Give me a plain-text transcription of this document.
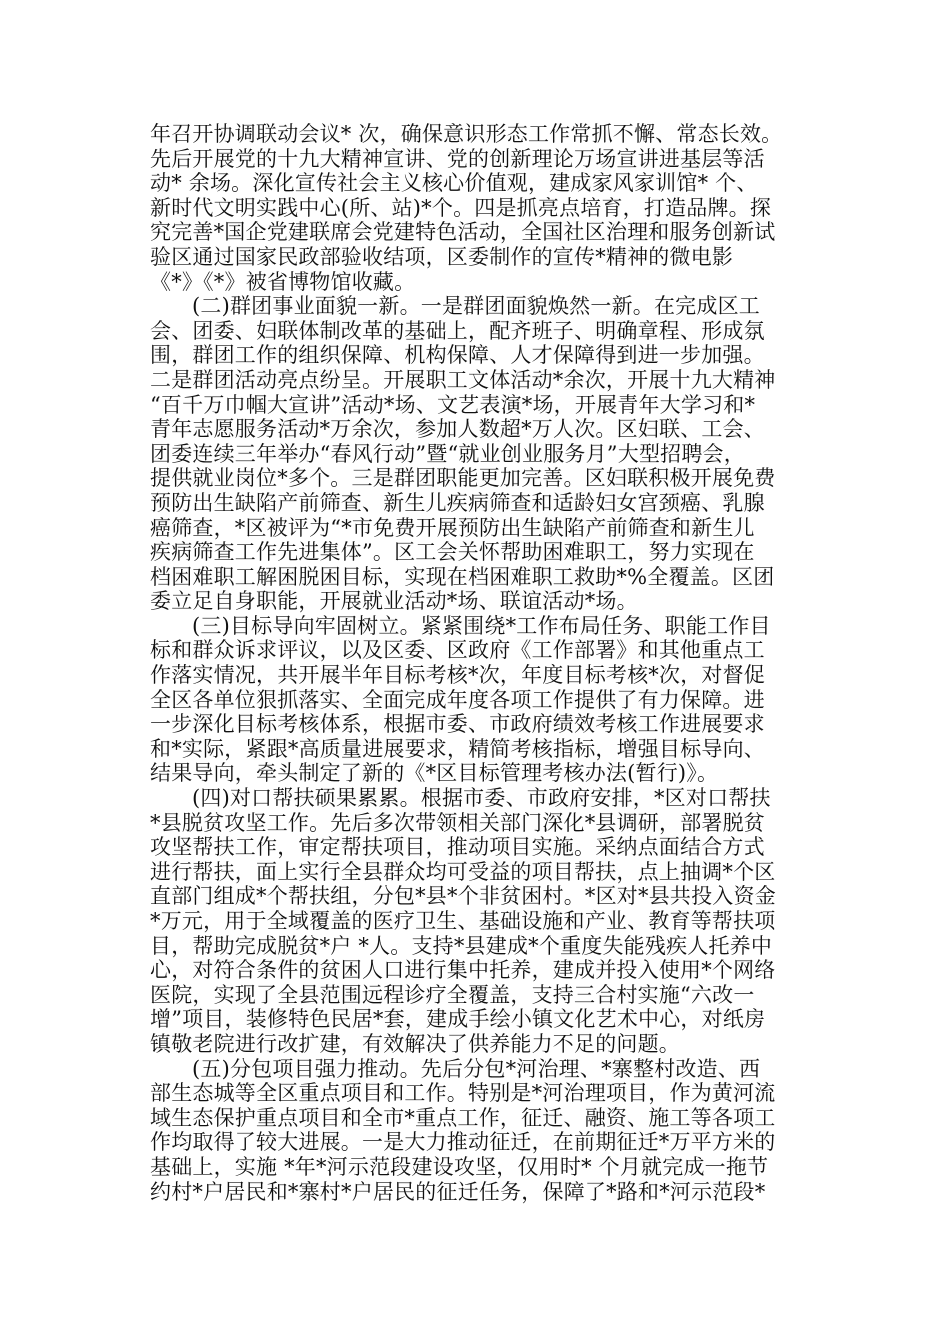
年召开协调联动会议* 次，确保意识形态工作常抓不懈、常态长效。
先后开展党的十九大精神宣讲、党的创新理论万场宣讲进基层等活
动* 余场。深化宣传社会主义核心价值观，建成家风家训馆* 个、
新时代文明实践中心(所、站)*个。四是抓亮点培育，打造品牌。探
究完善*国企党建联席会党建特色活动，全国社区治理和服务创新试
验区通过国家民政部验收结项，区委制作的宣传*精神的微电影
《*》《*》被省博物馆收藏。
(二)群团事业面貌一新。一是群团面貌焕然一新。在完成区工
会、团委、妇联体制改革的基础上，配齐班子、明确章程、形成氛
围，群团工作的组织保障、机构保障、人才保障得到进一步加强。
二是群团活动亮点纷呈。开展职工文体活动*余次，开展十九大精神
“百千万巾帼大宣讲”活动*场、文艺表演*场，开展青年大学习和*
青年志愿服务活动*万余次，参加人数超*万人次。区妇联、工会、
团委连续三年举办“春风行动”暨“就业创业服务月”大型招聘会，
提供就业岗位*多个。三是群团职能更加完善。区妇联积极开展免费
预防出生缺陷产前筛查、新生儿疾病筛查和适龄妇女宫颈癌、乳腺
癌筛查，*区被评为“*市免费开展预防出生缺陷产前筛查和新生儿
疾病筛查工作先进集体”。区工会关怀帮助困难职工，努力实现在
档困难职工解困脱困目标，实现在档困难职工救助*%全覆盖。区团
委立足自身职能，开展就业活动*场、联谊活动*场。
(三)目标导向牢固树立。紧紧围绕*工作布局任务、职能工作目
标和群众诉求评议，以及区委、区政府《工作部署》和其他重点工
作落实情况，共开展半年目标考核*次，年度目标考核*次，对督促
全区各单位狠抓落实、全面完成年度各项工作提供了有力保障。进
一步深化目标考核体系，根据市委、市政府绩效考核工作进展要求
和*实际，紧跟*高质量进展要求，精简考核指标，增强目标导向、
结果导向，牵头制定了新的《*区目标管理考核办法(暂行)》。
(四)对口帮扶硕果累累。根据市委、市政府安排，*区对口帮扶
*县脱贫攻坚工作。先后多次带领相关部门深化*县调研，部署脱贫
攻坚帮扶工作，审定帮扶项目，推动项目实施。采纳点面结合方式
进行帮扶，面上实行全县群众均可受益的项目帮扶，点上抽调*个区
直部门组成*个帮扶组，分包*县*个非贫困村。*区对*县共投入资金
*万元，用于全域覆盖的医疗卫生、基础设施和产业、教育等帮扶项
目，帮助完成脱贫*户 *人。支持*县建成*个重度失能残疾人托养中
心，对符合条件的贫困人口进行集中托养，建成并投入使用*个网络
医院，实现了全县范围远程诊疗全覆盖，支持三合村实施“六改一
增”项目，装修特色民居*套，建成手绘小镇文化艺术中心，对纸房
镇敬老院进行改扩建，有效解决了供养能力不足的问题。
(五)分包项目强力推动。先后分包*河治理、*寨整村改造、西
部生态城等全区重点项目和工作。特别是*河治理项目，作为黄河流
域生态保护重点项目和全市*重点工作，征迁、融资、施工等各项工
作均取得了较大进展。一是大力推动征迁，在前期征迁*万平方米的
基础上，实施 *年*河示范段建设攻坚，仅用时* 个月就完成一拖节
约村*户居民和*寨村*户居民的征迁任务，保障了*路和*河示范段*
